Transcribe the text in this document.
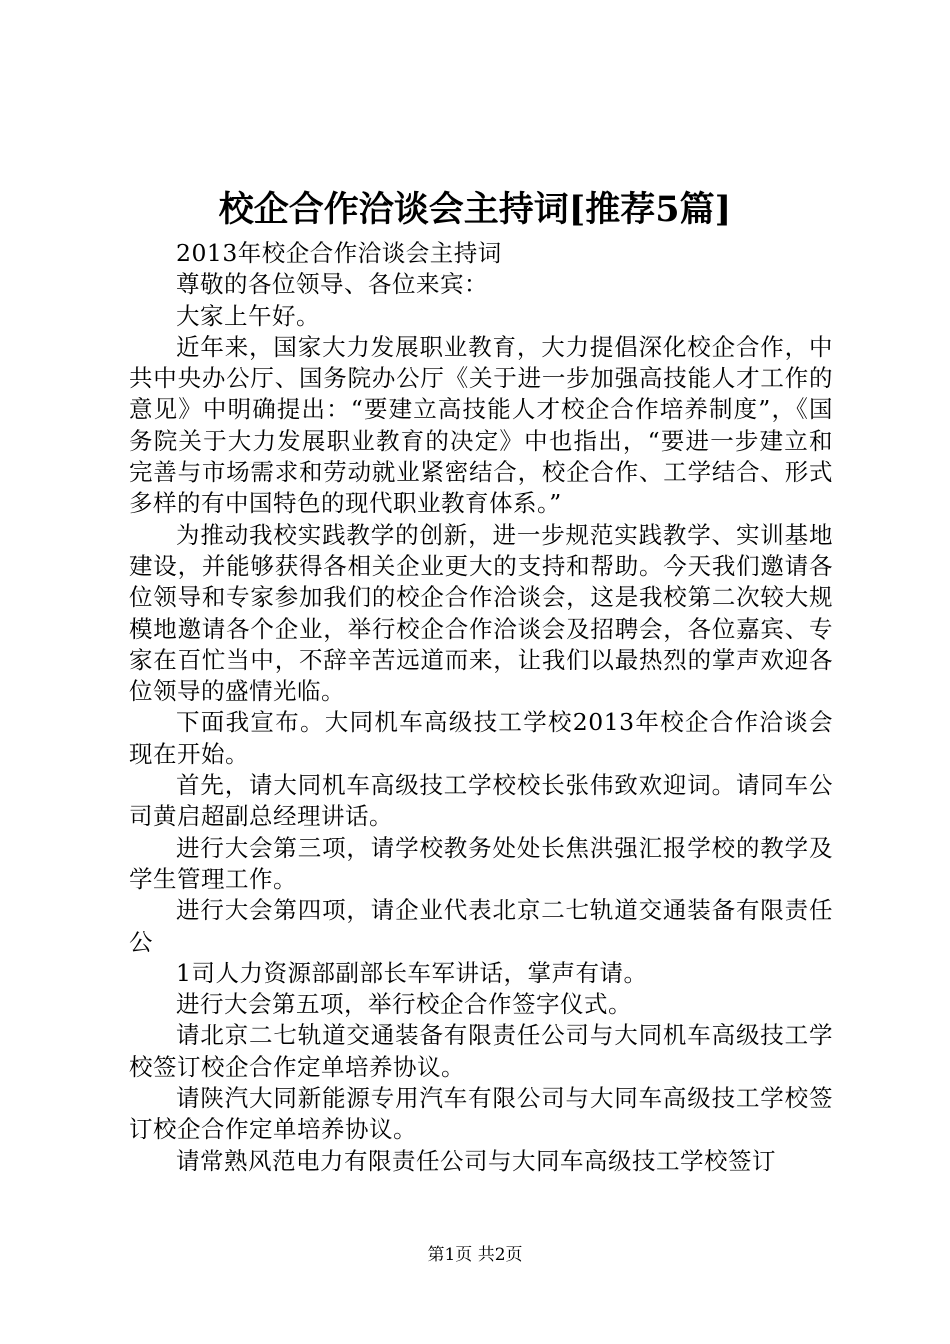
校企合作洽谈会主持词[推荐5篇]

2013年校企合作洽谈会主持词

尊敬的各位领导、各位来宾：

大家上午好。

近年来，国家大力发展职业教育，大力提倡深化校企合作，中共中央办公厅、国务院办公厅《关于进一步加强高技能人才工作的意见》中明确提出：“要建立高技能人才校企合作培养制度”，《国务院关于大力发展职业教育的决定》中也指出，“要进一步建立和完善与市场需求和劳动就业紧密结合，校企合作、工学结合、形式多样的有中国特色的现代职业教育体系。”

为推动我校实践教学的创新，进一步规范实践教学、实训基地建设，并能够获得各相关企业更大的支持和帮助。今天我们邀请各位领导和专家参加我们的校企合作洽谈会，这是我校第二次较大规模地邀请各个企业，举行校企合作洽谈会及招聘会，各位嘉宾、专家在百忙当中，不辞辛苦远道而来，让我们以最热烈的掌声欢迎各位领导的盛情光临。

下面我宣布。大同机车高级技工学校2013年校企合作洽谈会现在开始。

首先，请大同机车高级技工学校校长张伟致欢迎词。请同车公司黄启超副总经理讲话。

进行大会第三项，请学校教务处处长焦洪强汇报学校的教学及学生管理工作。

进行大会第四项，请企业代表北京二七轨道交通装备有限责任公

1司人力资源部副部长车军讲话，掌声有请。

进行大会第五项，举行校企合作签字仪式。

请北京二七轨道交通装备有限责任公司与大同机车高级技工学校签订校企合作定单培养协议。

请陕汽大同新能源专用汽车有限公司与大同车高级技工学校签订校企合作定单培养协议。

请常熟风范电力有限责任公司与大同车高级技工学校签订

第1页 共2页
